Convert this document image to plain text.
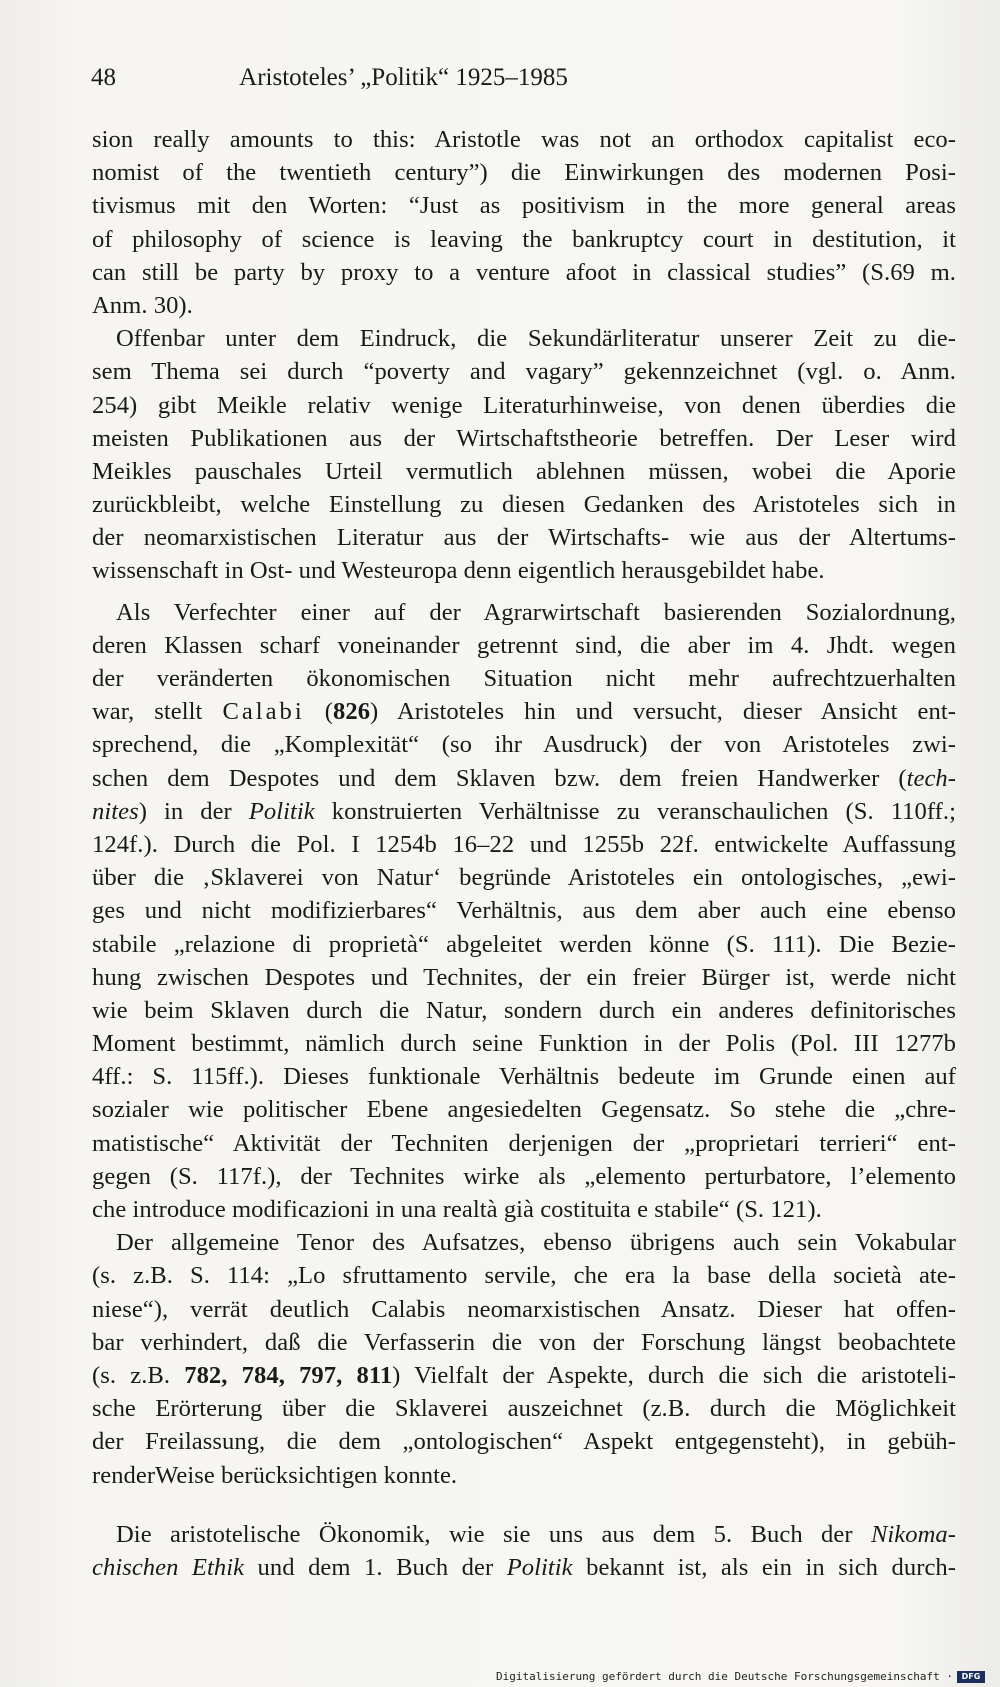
48	Aristoteles’ „Politik“ 1925–1985
sion really amounts to this: Aristotle was not an orthodox capitalist eco-
nomist of the twentieth century”) die Einwirkungen des modernen Posi-
tivismus mit den Worten: “Just as positivism in the more general areas
of philosophy of science is leaving the bankruptcy court in destitution, it
can still be party by proxy to a venture afoot in classical studies” (S.69 m.
Anm. 30).
Offenbar unter dem Eindruck, die Sekundärliteratur unserer Zeit zu die-
sem Thema sei durch “poverty and vagary” gekennzeichnet (vgl. o. Anm.
254) gibt Meikle relativ wenige Literaturhinweise, von denen überdies die
meisten Publikationen aus der Wirtschaftstheorie betreffen. Der Leser wird
Meikles pauschales Urteil vermutlich ablehnen müssen, wobei die Aporie
zurückbleibt, welche Einstellung zu diesen Gedanken des Aristoteles sich in
der neomarxistischen Literatur aus der Wirtschafts- wie aus der Altertums-
wissenschaft in Ost- und Westeuropa denn eigentlich herausgebildet habe.
Als Verfechter einer auf der Agrarwirtschaft basierenden Sozialordnung,
deren Klassen scharf voneinander getrennt sind, die aber im 4. Jhdt. wegen
der veränderten ökonomischen Situation nicht mehr aufrechtzuerhalten
war, stellt Calabi (826) Aristoteles hin und versucht, dieser Ansicht ent-
sprechend, die „Komplexität“ (so ihr Ausdruck) der von Aristoteles zwi-
schen dem Despotes und dem Sklaven bzw. dem freien Handwerker (tech-
nites) in der Politik konstruierten Verhältnisse zu veranschaulichen (S. 110ff.;
124f.). Durch die Pol. I 1254b 16–22 und 1255b 22f. entwickelte Auffassung
über die ‚Sklaverei von Natur‘ begründe Aristoteles ein ontologisches, „ewi-
ges und nicht modifizierbares“ Verhältnis, aus dem aber auch eine ebenso
stabile „relazione di proprietà“ abgeleitet werden könne (S. 111). Die Bezie-
hung zwischen Despotes und Technites, der ein freier Bürger ist, werde nicht
wie beim Sklaven durch die Natur, sondern durch ein anderes definitorisches
Moment bestimmt, nämlich durch seine Funktion in der Polis (Pol. III 1277b
4ff.: S. 115ff.). Dieses funktionale Verhältnis bedeute im Grunde einen auf
sozialer wie politischer Ebene angesiedelten Gegensatz. So stehe die „chre-
matistische“ Aktivität der Techniten derjenigen der „proprietari terrieri“ ent-
gegen (S. 117f.), der Technites wirke als „elemento perturbatore, l’elemento
che introduce modificazioni in una realtà già costituita e stabile“ (S. 121).
Der allgemeine Tenor des Aufsatzes, ebenso übrigens auch sein Vokabular
(s. z.B. S. 114: „Lo sfruttamento servile, che era la base della società ate-
niese“), verrät deutlich Calabis neomarxistischen Ansatz. Dieser hat offen-
bar verhindert, daß die Verfasserin die von der Forschung längst beobachtete
(s. z.B. 782, 784, 797, 811) Vielfalt der Aspekte, durch die sich die aristoteli-
sche Erörterung über die Sklaverei auszeichnet (z.B. durch die Möglichkeit
der Freilassung, die dem „ontologischen“ Aspekt entgegensteht), in gebüh-
renderWeise berücksichtigen konnte.
Die aristotelische Ökonomik, wie sie uns aus dem 5. Buch der Nikoma-
chischen Ethik und dem 1. Buch der Politik bekannt ist, als ein in sich durch-
Digitalisierung gefördert durch die Deutsche Forschungsgemeinschaft ·	DFG
